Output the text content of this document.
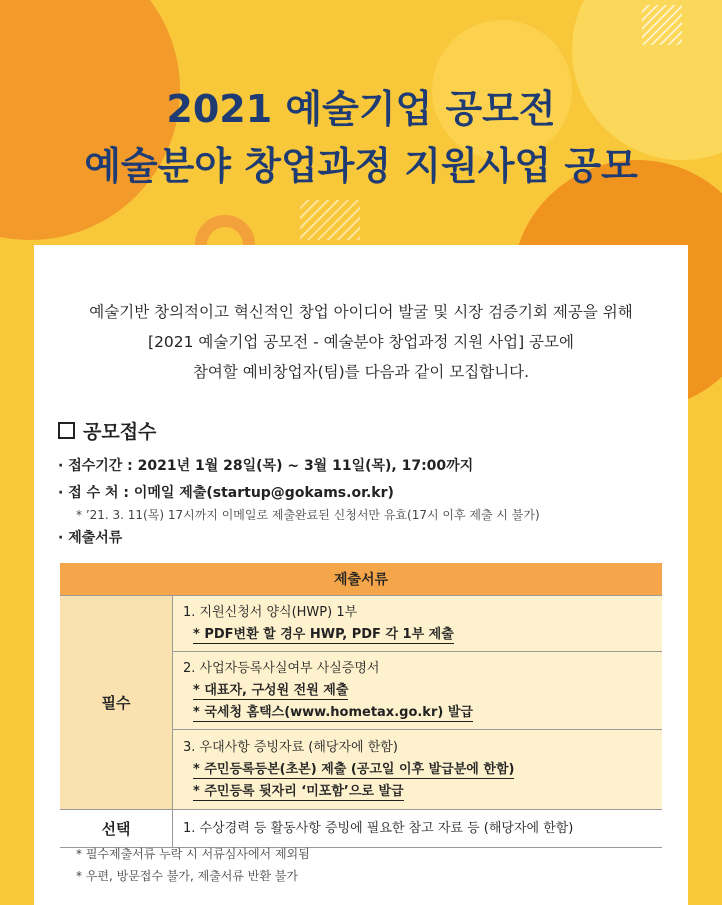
2021 예술기업 공모전
예술분야 창업과정 지원사업 공모
예술기반 창의적이고 혁신적인 창업 아이디어 발굴 및 시장 검증기회 제공을 위해
[2021 예술기업 공모전 - 예술분야 창업과정 지원 사업] 공모에
참여할 예비창업자(팀)를 다음과 같이 모집합니다.
공모접수
· 접수기간 : 2021년 1월 28일(목) ~ 3월 11일(목), 17:00까지
· 접 수 처 : 이메일 제출(startup@gokams.or.kr)
* ’21. 3. 11(목) 17시까지 이메일로 제출완료된 신청서만 유효(17시 이후 제출 시 불가)
· 제출서류
제출서류	
필수	1. 지원신청서 양식(HWP) 1부
* PDF변환 할 경우 HWP, PDF 각 1부 제출

	2. 사업자등록사실여부 사실증명서
* 대표자, 구성원 전원 제출
* 국세청 홈택스(www.hometax.go.kr) 발급

	3. 우대사항 증빙자료 (해당자에 한함)
* 주민등록등본(초본) 제출 (공고일 이후 발급분에 한함)
* 주민등록 뒷자리 ‘미포함’으로 발급

선택	1. 수상경력 등 활동사항 증빙에 필요한 참고 자료 등 (해당자에 한함)
* 필수제출서류 누락 시 서류심사에서 제외됨
* 우편, 방문접수 불가, 제출서류 반환 불가
